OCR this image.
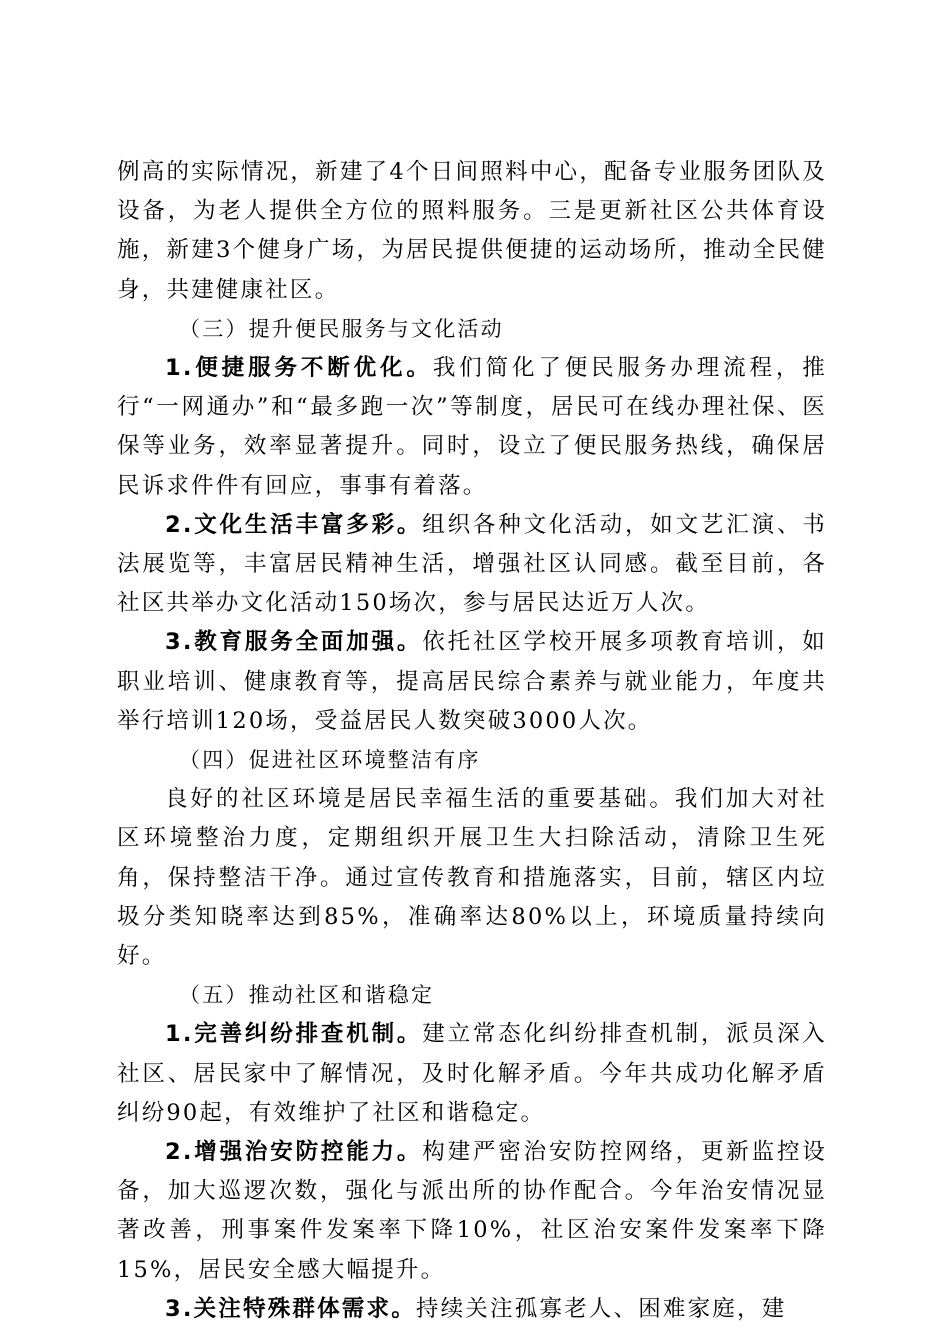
例高的实际情况，新建了4个日间照料中心，配备专业服务团队及设备，为老人提供全方位的照料服务。三是更新社区公共体育设施，新建3个健身广场，为居民提供便捷的运动场所，推动全民健身，共建健康社区。

（三）提升便民服务与文化活动

1.便捷服务不断优化。我们简化了便民服务办理流程，推行“一网通办”和“最多跑一次”等制度，居民可在线办理社保、医保等业务，效率显著提升。同时，设立了便民服务热线，确保居民诉求件件有回应，事事有着落。

2.文化生活丰富多彩。组织各种文化活动，如文艺汇演、书法展览等，丰富居民精神生活，增强社区认同感。截至目前，各社区共举办文化活动150场次，参与居民达近万人次。

3.教育服务全面加强。依托社区学校开展多项教育培训，如职业培训、健康教育等，提高居民综合素养与就业能力，年度共举行培训120场，受益居民人数突破3000人次。

（四）促进社区环境整洁有序

良好的社区环境是居民幸福生活的重要基础。我们加大对社区环境整治力度，定期组织开展卫生大扫除活动，清除卫生死角，保持整洁干净。通过宣传教育和措施落实，目前，辖区内垃圾分类知晓率达到85%，准确率达80%以上，环境质量持续向好。

（五）推动社区和谐稳定

1.完善纠纷排查机制。建立常态化纠纷排查机制，派员深入社区、居民家中了解情况，及时化解矛盾。今年共成功化解矛盾纠纷90起，有效维护了社区和谐稳定。

2.增强治安防控能力。构建严密治安防控网络，更新监控设备，加大巡逻次数，强化与派出所的协作配合。今年治安情况显著改善，刑事案件发案率下降10%，社区治安案件发案率下降15%，居民安全感大幅提升。

3.关注特殊群体需求。持续关注孤寡老人、困难家庭，建
